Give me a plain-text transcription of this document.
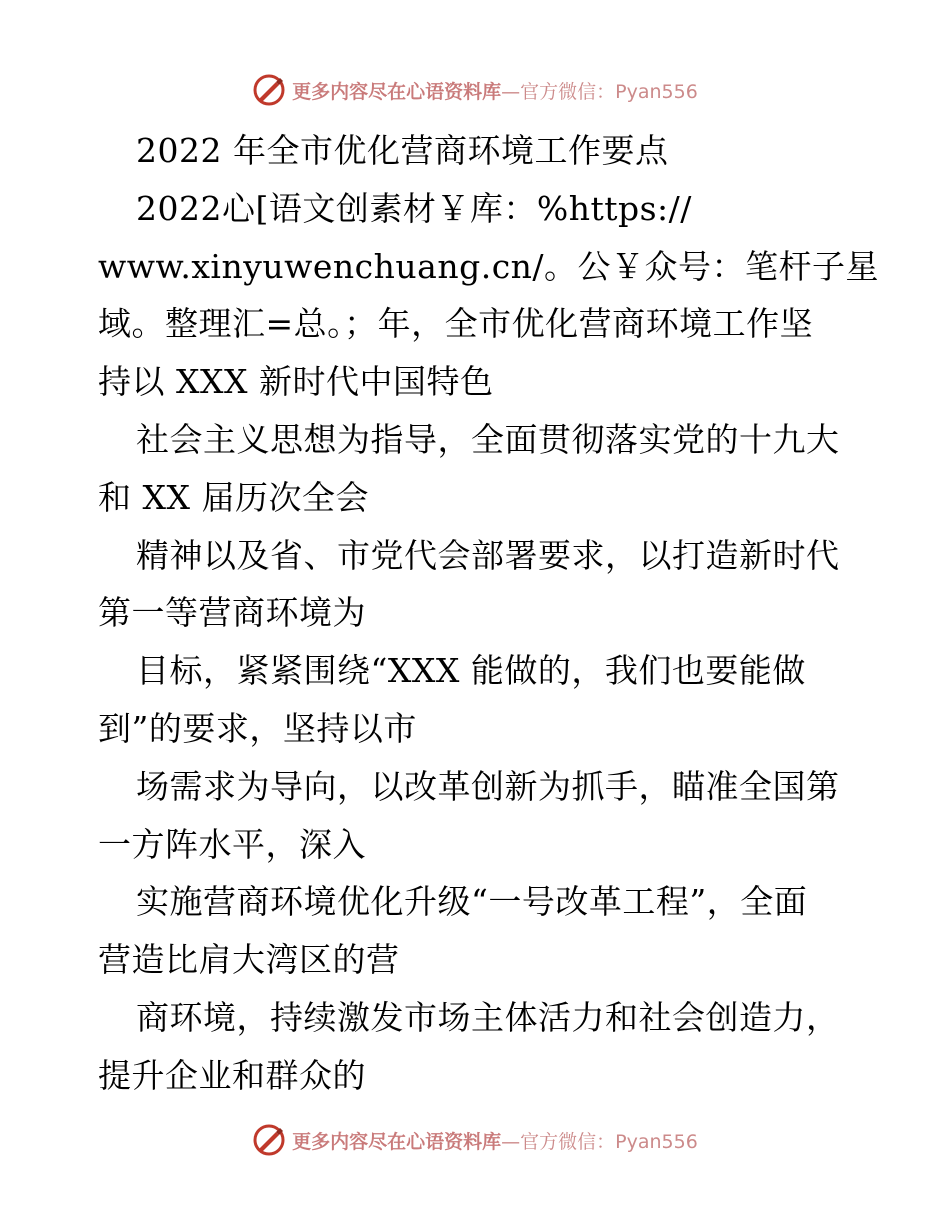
更多内容尽在心语资料库—官方微信：Pyan556
2022 年全市优化营商环境工作要点
2022心[语文创素材￥库：%https://
www.xinyuwenchuang.cn/。公￥众号：笔杆子星
域。整理汇=总。；年，全市优化营商环境工作坚
持以 XXX 新时代中国特色
社会主义思想为指导，全面贯彻落实党的十九大
和 XX 届历次全会
精神以及省、市党代会部署要求，以打造新时代
第一等营商环境为
目标，紧紧围绕“XXX 能做的，我们也要能做
到”的要求，坚持以市
场需求为导向，以改革创新为抓手，瞄准全国第
一方阵水平，深入
实施营商环境优化升级“一号改革工程”，全面
营造比肩大湾区的营
商环境，持续激发市场主体活力和社会创造力，
提升企业和群众的
更多内容尽在心语资料库—官方微信：Pyan556
